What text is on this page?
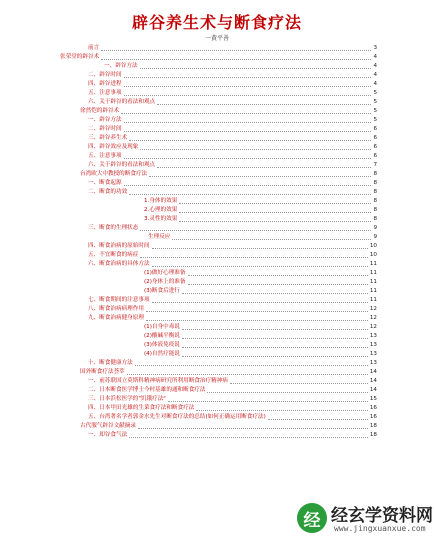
辟谷养生术与断食疗法
一黄平善
前言	3
张荣堂的辟谷术	4
一、辟谷方法	4
二、辟谷时间	4
四、辟谷进程	4
五、注意事项	5
六、关于辟谷的看法和观点	5
徐然恺的辟谷术	5
一、辟谷方法	5
二、辟谷时间	6
三、辟谷养生术	6
四、辟谷效应及现象	6
五、注意事项	6
六、关于辟谷的看法和观点	7
台湾欧大中教授的断食疗法	8
一、断食起源	8
二、断食的功效	8
1.身体的效果	8
2.心理的效果	8
3.灵性的效果	8
三、断食的生理状态	9
生理反应	9
四、断食治病的原始时间	10
五、不宜断食的病症	10
六、断食治病的具体方法	11
(1)做好心理准备	11
(2)身体上的准备	11
(3)断食后进行	11
七、断食期间的注意事项	11
八、断食治病病理作用	12
九、断食治病健身原理	12
(1)自身中毒说	12
(2)酸碱平衡说	13
(3)体液免疫说	13
(4)自然疗能说	13
十、断食健康方法	13
国外断食疗法荟萃	14
一、前苏联国立莫斯科精神病研究所利用断食治疗精神病	14
二、日本断食医学博士今村基雄的通和断食疗法	14
三、日本浜松医学的"饥饿疗法"	15
四、日本甲田光雄的生菜食疗法和断食疗法	16
五、台湾著名学者郭金水先生对断食疗法的总结(如何正确运用断食疗法)	16
古代服气辟谷文献摘录	18
一、却谷食气法	18
经 经玄学资料网
www.jingxuanxue.com
